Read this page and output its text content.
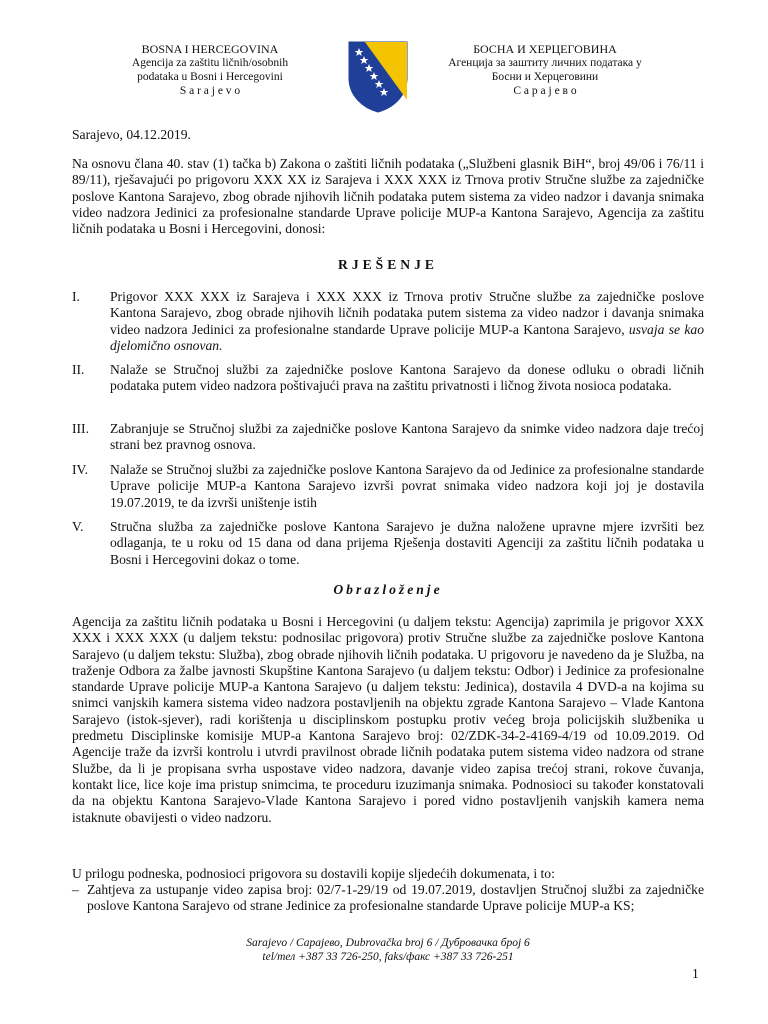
BOSNA I HERCEGOVINA
Agencija za zaštitu ličnih/osobnih
podataka u Bosni i Hercegovini
S a r a j e v o
БОСНА И ХЕРЦЕГОВИНА
Агенција за заштиту личних података у
Босни и Херцеговини
С а р а ј е в о
Sarajevo, 04.12.2019.
Na osnovu člana 40. stav (1) tačka b) Zakona o zaštiti ličnih podataka („Službeni glasnik BiH“, broj 49/06 i 76/11 i 89/11), rješavajući po prigovoru XXX XX iz Sarajeva i XXX XXX iz Trnova protiv Stručne službe za zajedničke poslove Kantona Sarajevo, zbog obrade njihovih ličnih podataka putem sistema za video nadzor i davanja snimaka video nadzora Jedinici za profesionalne standarde Uprave policije MUP-a Kantona Sarajevo, Agencija za zaštitu ličnih podataka u Bosni i Hercegovini, donosi:
RJEŠENJE
I.	Prigovor XXX XXX iz Sarajeva i XXX XXX iz Trnova protiv Stručne službe za zajedničke poslove Kantona Sarajevo, zbog obrade njihovih ličnih podataka putem sistema za video nadzor i davanja snimaka video nadzora Jedinici za profesionalne standarde Uprave policije MUP-a Kantona Sarajevo, usvaja se kao djelomično osnovan.
II.	Nalaže se Stručnoj službi za zajedničke poslove Kantona Sarajevo da donese odluku o obradi ličnih podataka putem video nadzora poštivajući prava na zaštitu privatnosti i ličnog života nosioca podataka.
III.	Zabranjuje se Stručnoj službi za zajedničke poslove Kantona Sarajevo da snimke video nadzora daje trećoj strani bez pravnog osnova.
IV.	Nalaže se Stručnoj službi za zajedničke poslove Kantona Sarajevo da od Jedinice za profesionalne standarde Uprave policije MUP-a Kantona Sarajevo izvrši povrat snimaka video nadzora koji joj je dostavila 19.07.2019, te da izvrši uništenje istih
V.	Stručna služba za zajedničke poslove Kantona Sarajevo je dužna naložene upravne mjere izvršiti bez odlaganja, te u roku od 15 dana od dana prijema Rješenja dostaviti Agenciji za zaštitu ličnih podataka u Bosni i Hercegovini dokaz o tome.
Obrazloženje
Agencija za zaštitu ličnih podataka u Bosni i Hercegovini (u daljem tekstu: Agencija) zaprimila je prigovor XXX XXX i XXX XXX (u daljem tekstu: podnosilac prigovora) protiv Stručne službe za zajedničke poslove Kantona Sarajevo (u daljem tekstu: Služba), zbog obrade njihovih ličnih podataka. U prigovoru je navedeno da je Služba, na traženje Odbora za žalbe javnosti Skupštine Kantona Sarajevo (u daljem tekstu: Odbor) i Jedinice za profesionalne standarde Uprave policije MUP-a Kantona Sarajevo (u daljem tekstu: Jedinica), dostavila 4 DVD-a na kojima su snimci vanjskih kamera sistema video nadzora postavljenih na objektu zgrade Kantona Sarajevo – Vlade Kantona Sarajevo (istok-sjever), radi korištenja u disciplinskom postupku protiv većeg broja policijskih službenika u predmetu Disciplinske komisije MUP-a Kantona Sarajevo broj: 02/ZDK-34-2-4169-4/19 od 10.09.2019. Od Agencije traže da izvrši kontrolu i utvrdi pravilnost obrade ličnih podataka putem sistema video nadzora od strane Službe, da li je propisana svrha uspostave video nadzora, davanje video zapisa trećoj strani, rokove čuvanja, kontakt lice, lice koje ima pristup snimcima, te proceduru izuzimanja snimaka. Podnosioci su također konstatovali da na objektu Kantona Sarajevo-Vlade Kantona Sarajevo i pored vidno postavljenih vanjskih kamera nema istaknute obavijesti o video nadzoru.
U prilogu podneska, podnosioci prigovora su dostavili kopije sljedećih dokumenata, i to:
– Zahtjeva za ustupanje video zapisa broj: 02/7-1-29/19 od 19.07.2019, dostavljen Stručnoj službi za zajedničke poslove Kantona Sarajevo od strane Jedinice za profesionalne standarde Uprave policije MUP-a KS;
Sarajevo / Сарајево, Dubrovačka broj 6 / Дубровачка број 6
tel/тел +387 33 726-250, faks/факс +387 33 726-251
1
